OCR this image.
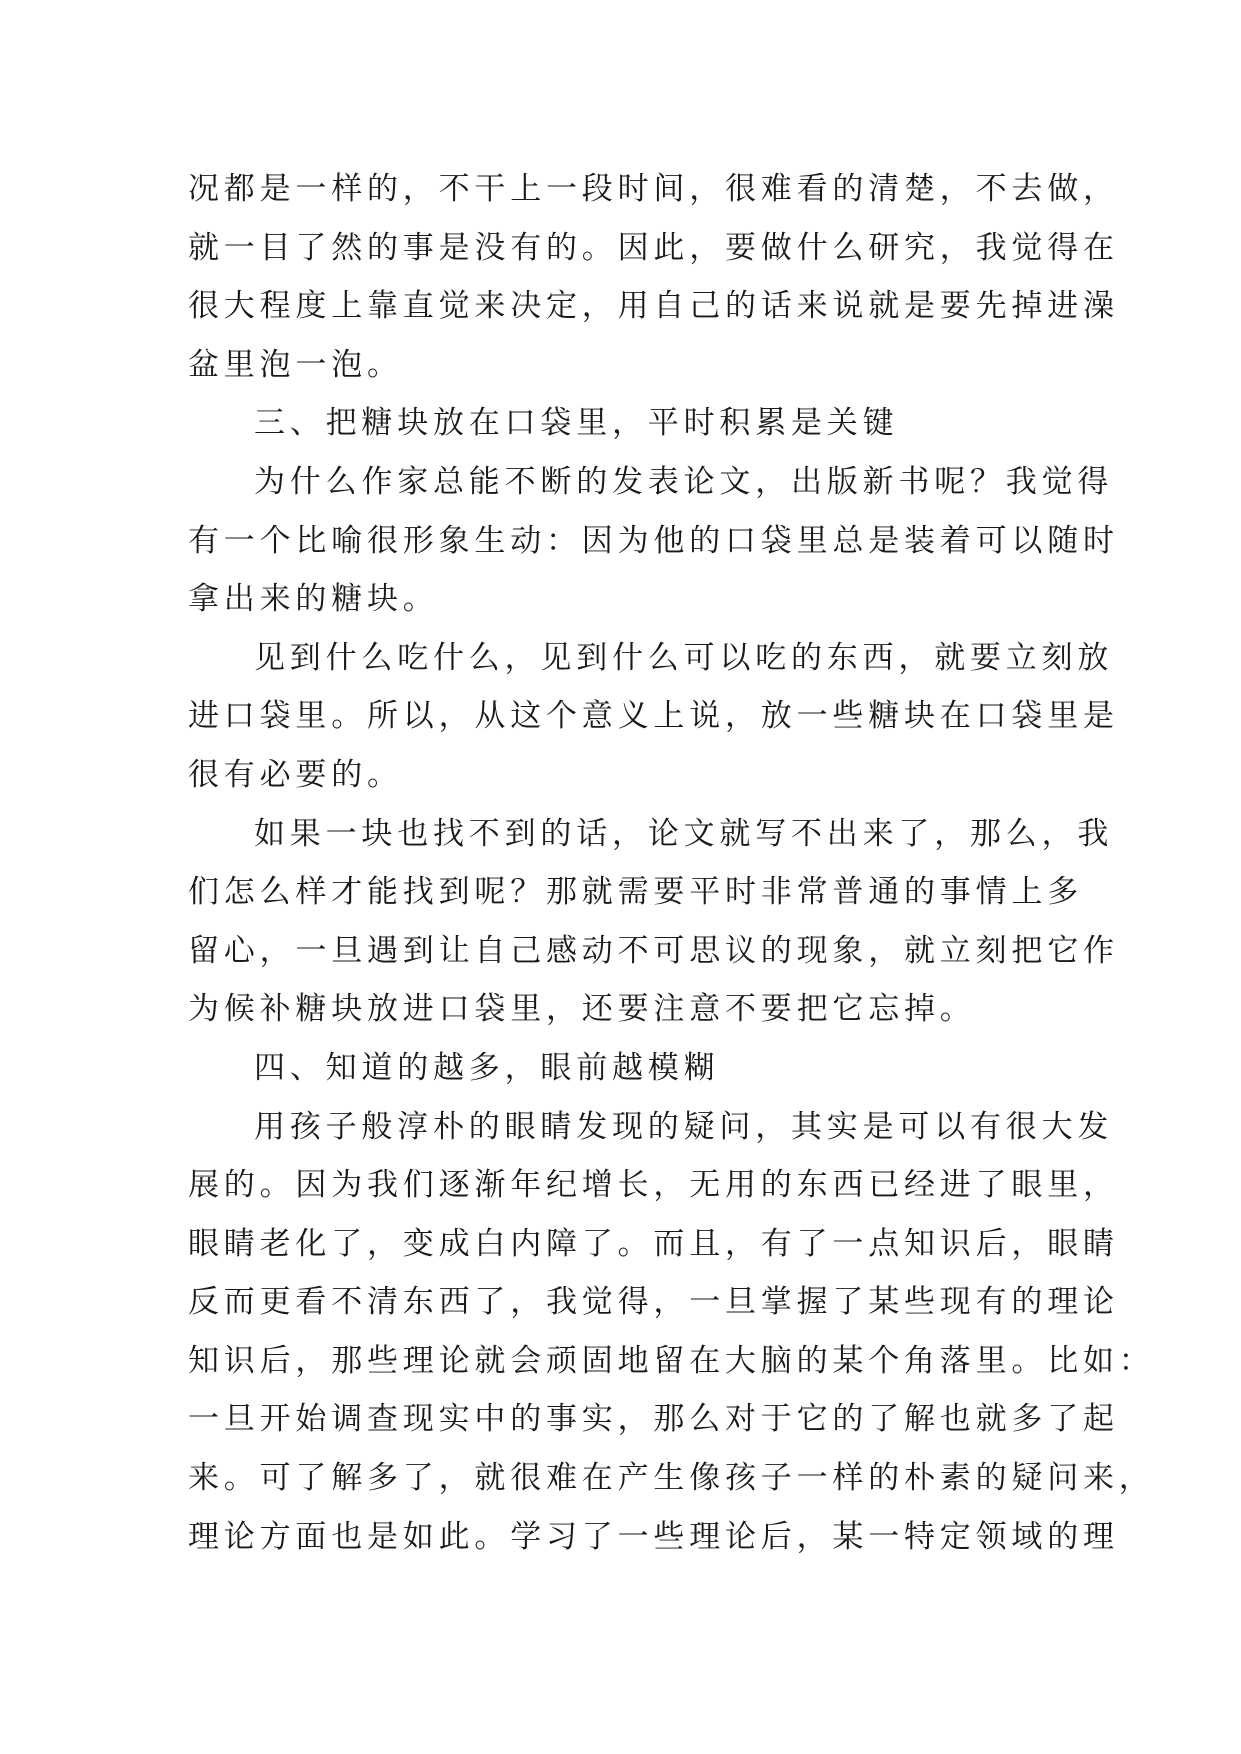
况都是一样的，不干上一段时间，很难看的清楚，不去做，
就一目了然的事是没有的。因此，要做什么研究，我觉得在
很大程度上靠直觉来决定，用自己的话来说就是要先掉进澡
盆里泡一泡。
三、把糖块放在口袋里，平时积累是关键
为什么作家总能不断的发表论文，出版新书呢？我觉得
有一个比喻很形象生动：因为他的口袋里总是装着可以随时
拿出来的糖块。
见到什么吃什么，见到什么可以吃的东西，就要立刻放
进口袋里。所以，从这个意义上说，放一些糖块在口袋里是
很有必要的。
如果一块也找不到的话，论文就写不出来了，那么，我
们怎么样才能找到呢？那就需要平时非常普通的事情上多
留心，一旦遇到让自己感动不可思议的现象，就立刻把它作
为候补糖块放进口袋里，还要注意不要把它忘掉。
四、知道的越多，眼前越模糊
用孩子般淳朴的眼睛发现的疑问，其实是可以有很大发
展的。因为我们逐渐年纪增长，无用的东西已经进了眼里，
眼睛老化了，变成白内障了。而且，有了一点知识后，眼睛
反而更看不清东西了，我觉得，一旦掌握了某些现有的理论
知识后，那些理论就会顽固地留在大脑的某个角落里。比如：
一旦开始调查现实中的事实，那么对于它的了解也就多了起
来。可了解多了，就很难在产生像孩子一样的朴素的疑问来，
理论方面也是如此。学习了一些理论后，某一特定领域的理
